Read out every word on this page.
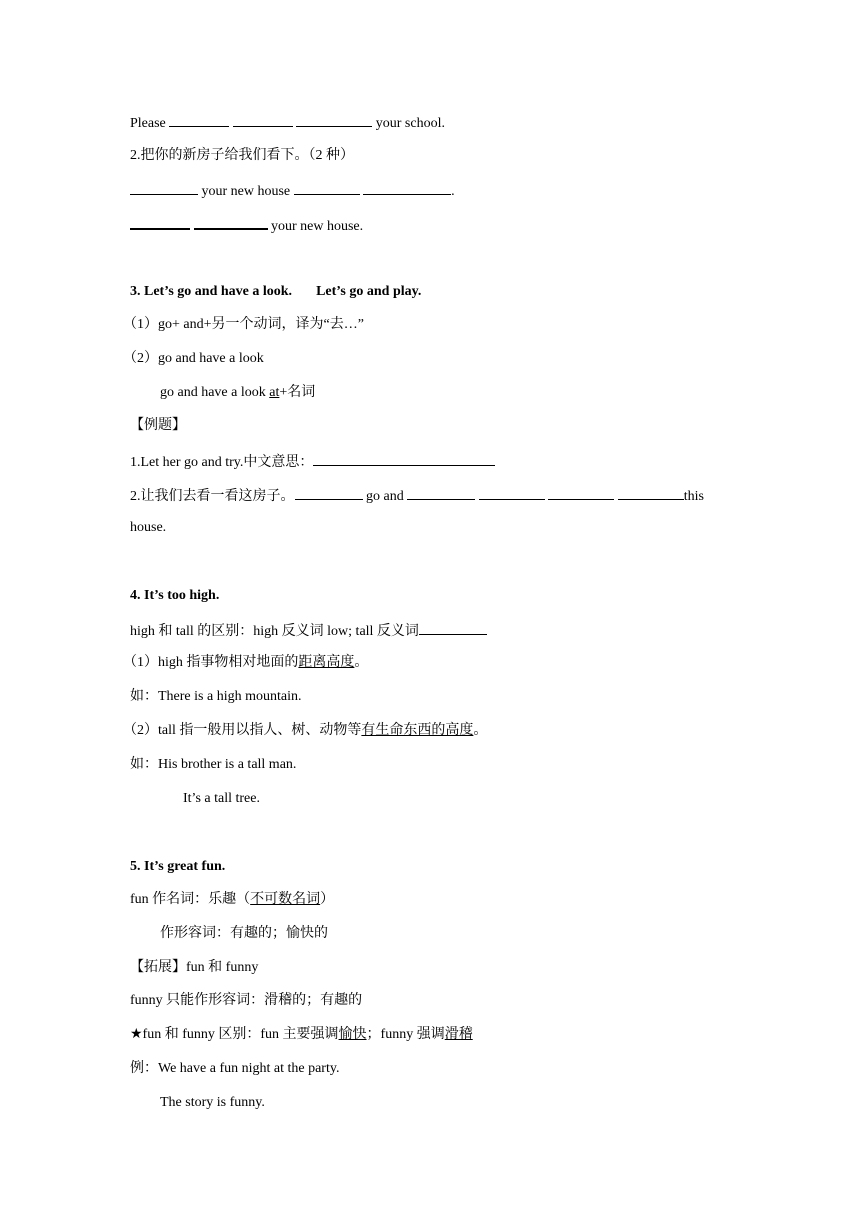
Please	your school.
2.把你的新房子给我们看下。（2 种）
your new house	.
your new house.
3. Let’s go and have a look. Let’s go and play.
（1）go+ and+另一个动词，译为“去…”
（2）go and have a look
go and have a look at+名词
【例题】
1.Let her go and try.中文意思：
2.让我们去看一看这房子。	go and	this
house.
4. It’s too high.
high 和 tall 的区别：high 反义词 low; tall 反义词
（1）high 指事物相对地面的距离高度。
如：There is a high mountain.
（2）tall 指一般用以指人、树、动物等有生命东西的高度。
如：His brother is a tall man.
It’s a tall tree.
5. It’s great fun.
fun 作名词：乐趣（不可数名词）
作形容词：有趣的；愉快的
【拓展】fun 和 funny
funny 只能作形容词：滑稽的；有趣的
★fun 和 funny 区别：fun 主要强调愉快；funny 强调滑稽
例：We have a fun night at the party.
The story is funny.
